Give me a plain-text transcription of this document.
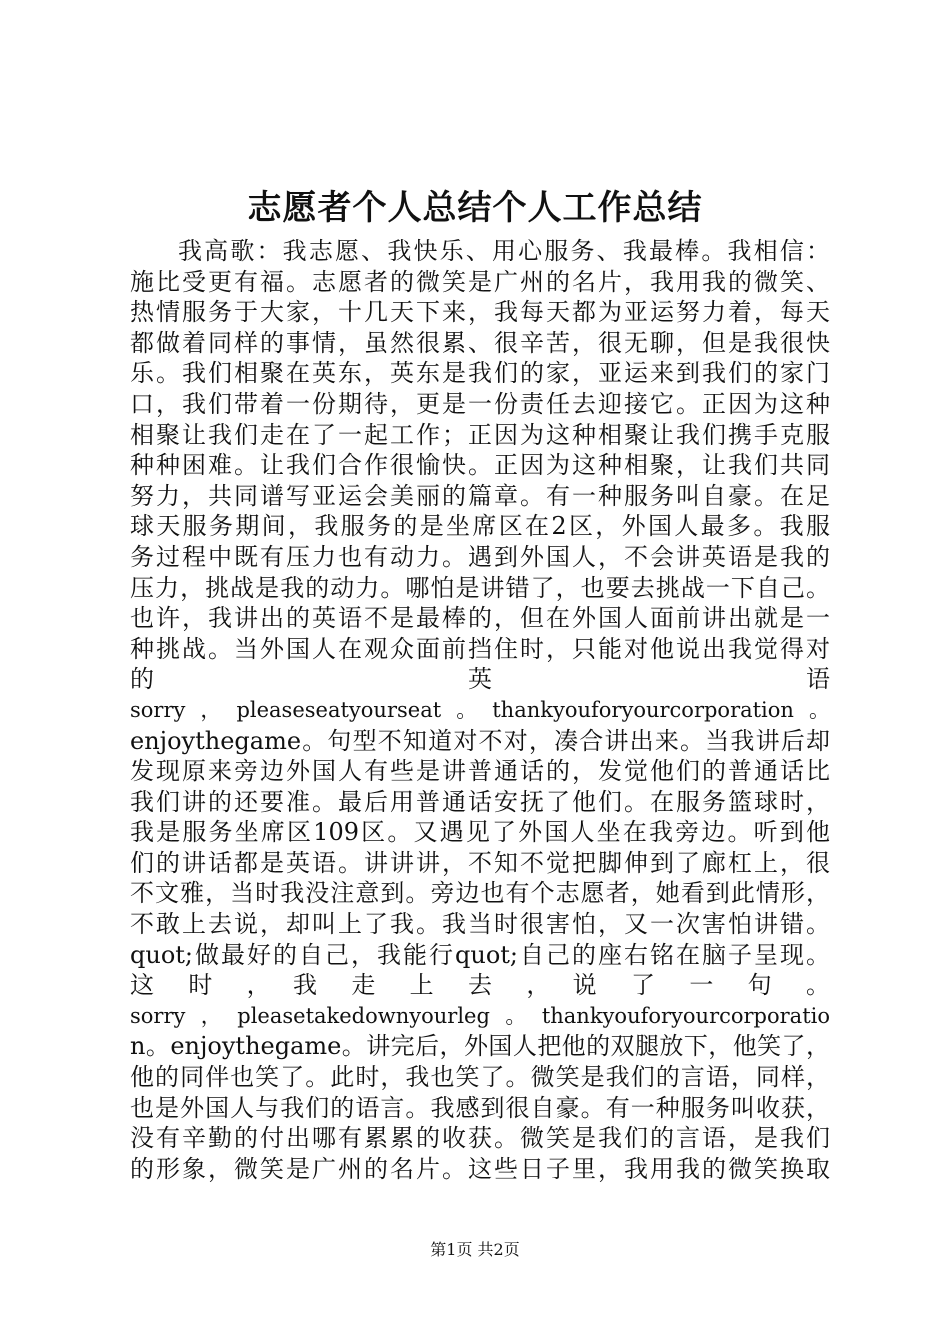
志愿者个人总结个人工作总结
我高歌：我志愿、我快乐、用心服务、我最棒。我相信：
施比受更有福。志愿者的微笑是广州的名片，我用我的微笑、
热情服务于大家，十几天下来，我每天都为亚运努力着，每天
都做着同样的事情，虽然很累、很辛苦，很无聊，但是我很快
乐。我们相聚在英东，英东是我们的家，亚运来到我们的家门
口，我们带着一份期待，更是一份责任去迎接它。正因为这种
相聚让我们走在了一起工作；正因为这种相聚让我们携手克服
种种困难。让我们合作很愉快。正因为这种相聚，让我们共同
努力，共同谱写亚运会美丽的篇章。有一种服务叫自豪。在足
球天服务期间，我服务的是坐席区在2区，外国人最多。我服
务过程中既有压力也有动力。遇到外国人，不会讲英语是我的
压力，挑战是我的动力。哪怕是讲错了，也要去挑战一下自己。
也许，我讲出的英语不是最棒的，但在外国人面前讲出就是一
种挑战。当外国人在观众面前挡住时，只能对他说出我觉得对
的　英　语
sorry，pleaseseatyourseat。thankyouforyourcorporation。
enjoythegame。句型不知道对不对，凑合讲出来。当我讲后却
发现原来旁边外国人有些是讲普通话的，发觉他们的普通话比
我们讲的还要准。最后用普通话安抚了他们。在服务篮球时，
我是服务坐席区109区。又遇见了外国人坐在我旁边。听到他
们的讲话都是英语。讲讲讲，不知不觉把脚伸到了廊杠上，很
不文雅，当时我没注意到。旁边也有个志愿者，她看到此情形，
不敢上去说，却叫上了我。我当时很害怕，又一次害怕讲错。
quot;做最好的自己，我能行quot;自己的座右铭在脑子呈现。
这　时　，　我　走　上　去　，　说　了　一　句　。
sorry，pleasetakedownyourleg。thankyouforyourcorporatio
n。enjoythegame。讲完后，外国人把他的双腿放下，他笑了，
他的同伴也笑了。此时，我也笑了。微笑是我们的言语，同样，
也是外国人与我们的语言。我感到很自豪。有一种服务叫收获，
没有辛勤的付出哪有累累的收获。微笑是我们的言语，是我们
的形象，微笑是广州的名片。这些日子里，我用我的微笑换取
第1页 共2页
